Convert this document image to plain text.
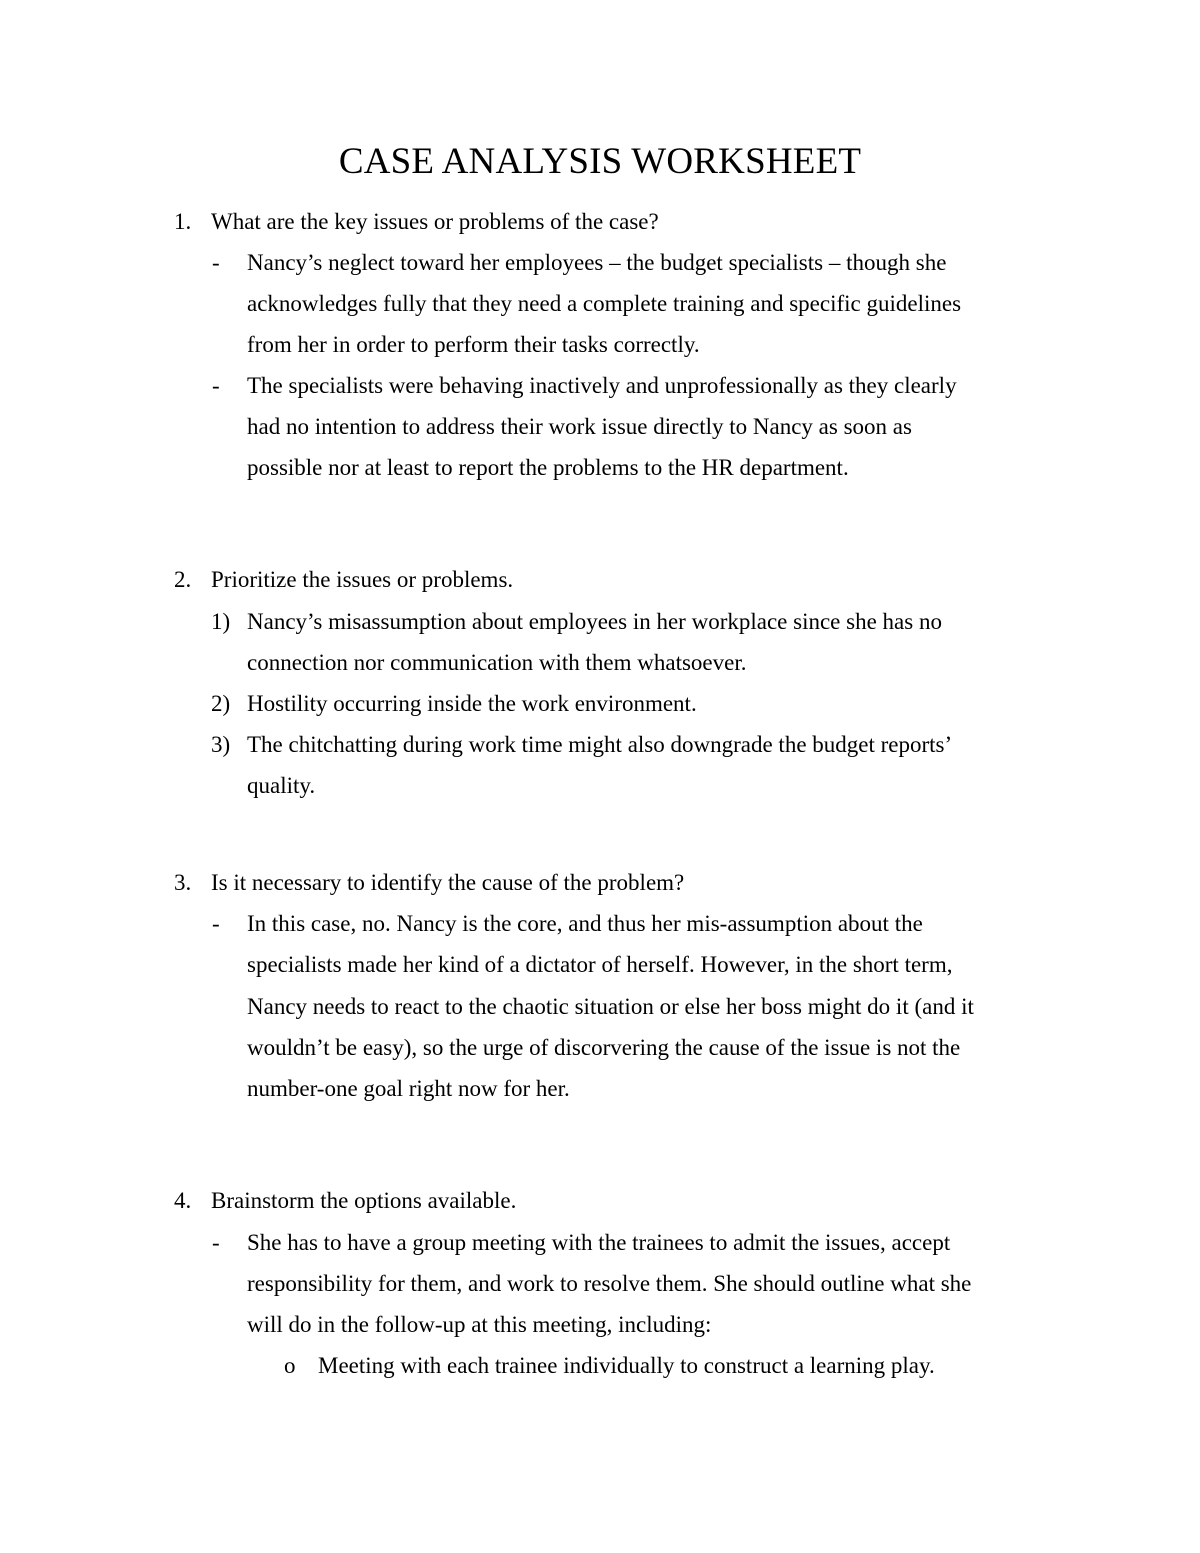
CASE ANALYSIS WORKSHEET
1. What are the key issues or problems of the case?
- Nancy’s neglect toward her employees – the budget specialists – though she
acknowledges fully that they need a complete training and specific guidelines
from her in order to perform their tasks correctly.
- The specialists were behaving inactively and unprofessionally as they clearly
had no intention to address their work issue directly to Nancy as soon as
possible nor at least to report the problems to the HR department.
2. Prioritize the issues or problems.
1) Nancy’s misassumption about employees in her workplace since she has no
connection nor communication with them whatsoever.
2) Hostility occurring inside the work environment.
3) The chitchatting during work time might also downgrade the budget reports’
quality.
3. Is it necessary to identify the cause of the problem?
- In this case, no. Nancy is the core, and thus her mis-assumption about the
specialists made her kind of a dictator of herself. However, in the short term,
Nancy needs to react to the chaotic situation or else her boss might do it (and it
wouldn’t be easy), so the urge of discorvering the cause of the issue is not the
number-one goal right now for her.
4. Brainstorm the options available.
- She has to have a group meeting with the trainees to admit the issues, accept
responsibility for them, and work to resolve them. She should outline what she
will do in the follow-up at this meeting, including:
o Meeting with each trainee individually to construct a learning play.
